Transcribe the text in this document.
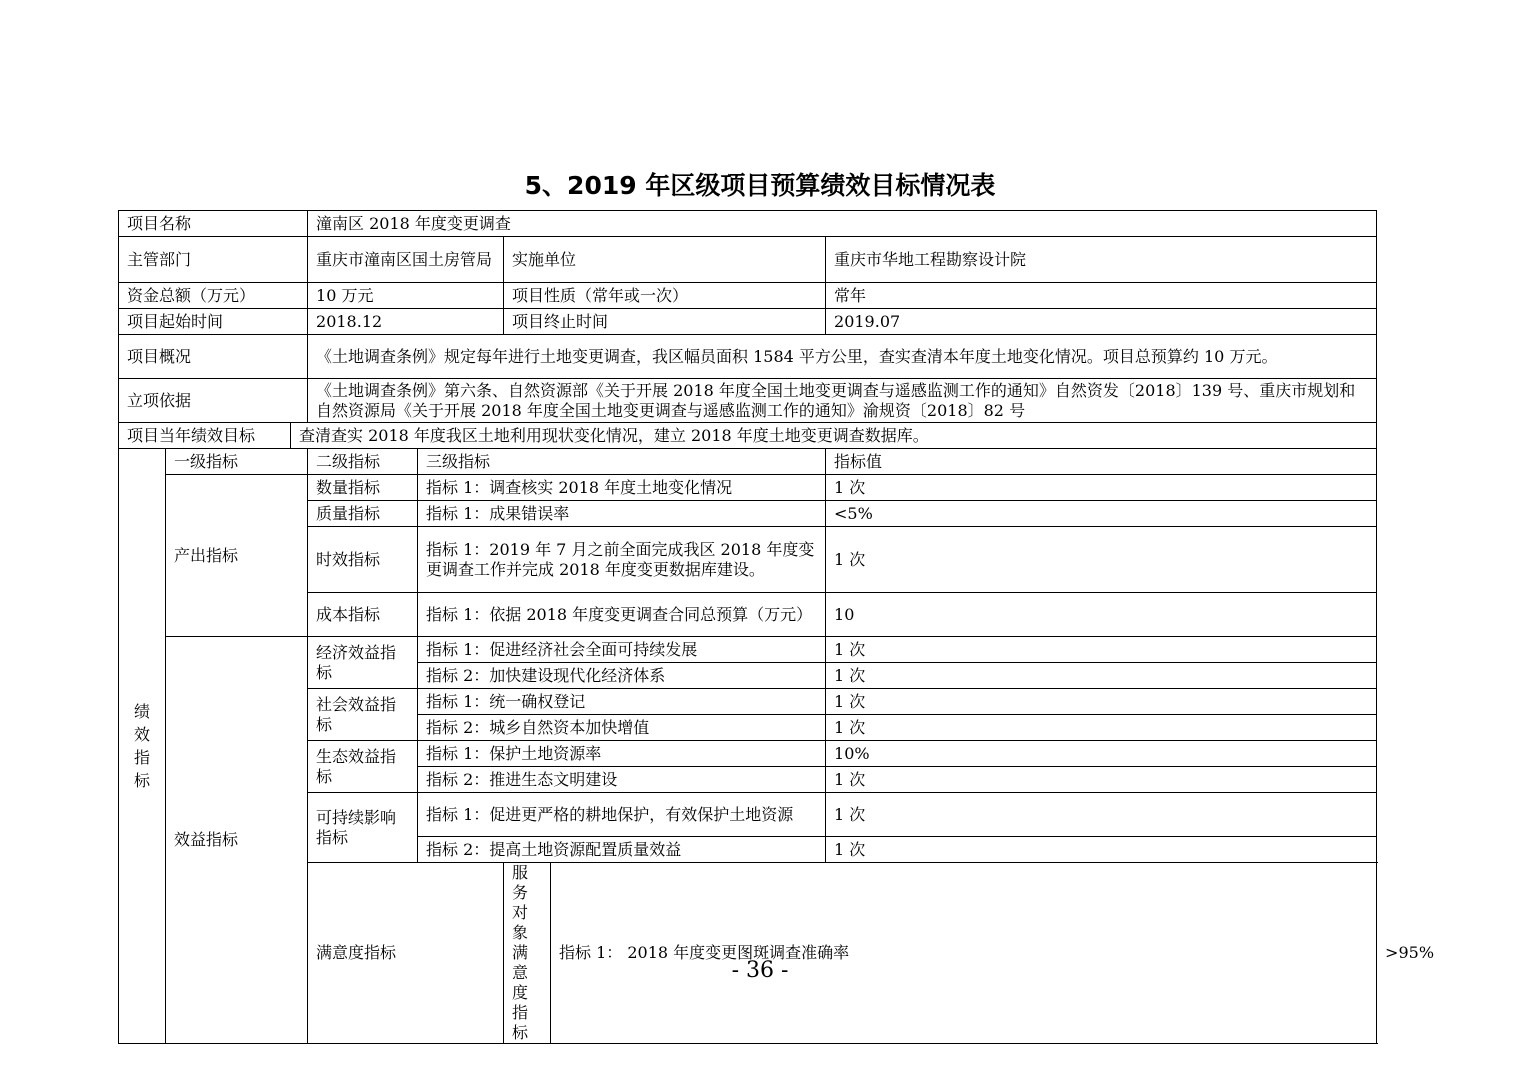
5、2019 年区级项目预算绩效目标情况表
项目名称			潼南区 2018 年度变更调查					
主管部门			重庆市潼南区国土房管局		实施单位		重庆市华地工程勘察设计院	
资金总额（万元）			10 万元		项目性质（常年或一次）		常年	
项目起始时间			2018.12		项目终止时间		2019.07	
项目概况			《土地调查条例》规定每年进行土地变更调查，我区幅员面积 1584 平方公里，查实查清本年度土地变化情况。项目总预算约 10 万元。					
立项依据			《土地调查条例》第六条、自然资源部《关于开展 2018 年度全国土地变更调查与遥感监测工作的通知》自然资发〔2018〕139 号、重庆市规划和自然资源局《关于开展 2018 年度全国土地变更调查与遥感监测工作的通知》渝规资〔2018〕82 号					
项目当年绩效目标		查清查实 2018 年度我区土地利用现状变化情况，建立 2018 年度土地变更调查数据库。						

绩效指标	一级指标		二级指标	三级指标			指标值	
	产出指标		数量指标	指标 1：调查核实 2018 年度土地变化情况			1 次	
			质量指标	指标 1：成果错误率			<5%	
			时效指标	指标 1：2019 年 7 月之前全面完成我区 2018 年度变更调查工作并完成 2018 年度变更数据库建设。			1 次	
			成本指标	指标 1：依据 2018 年度变更调查合同总预算（万元）			10	
	效益指标		经济效益指标	指标 1：促进经济社会全面可持续发展			1 次	
				指标 2：加快建设现代化经济体系			1 次	
			社会效益指标	指标 1：统一确权登记			1 次	
				指标 2：城乡自然资本加快增值			1 次	
			生态效益指标	指标 1：保护土地资源率			10%	
				指标 2：推进生态文明建设			1 次	
			可持续影响指标	指标 1：促进更严格的耕地保护，有效保护土地资源			1 次	
				指标 2：提高土地资源配置质量效益			1 次	
			满意度指标		服务对象满意度指标	指标 1： 2018 年度变更图斑调查准确率		>95%
- 36 -
